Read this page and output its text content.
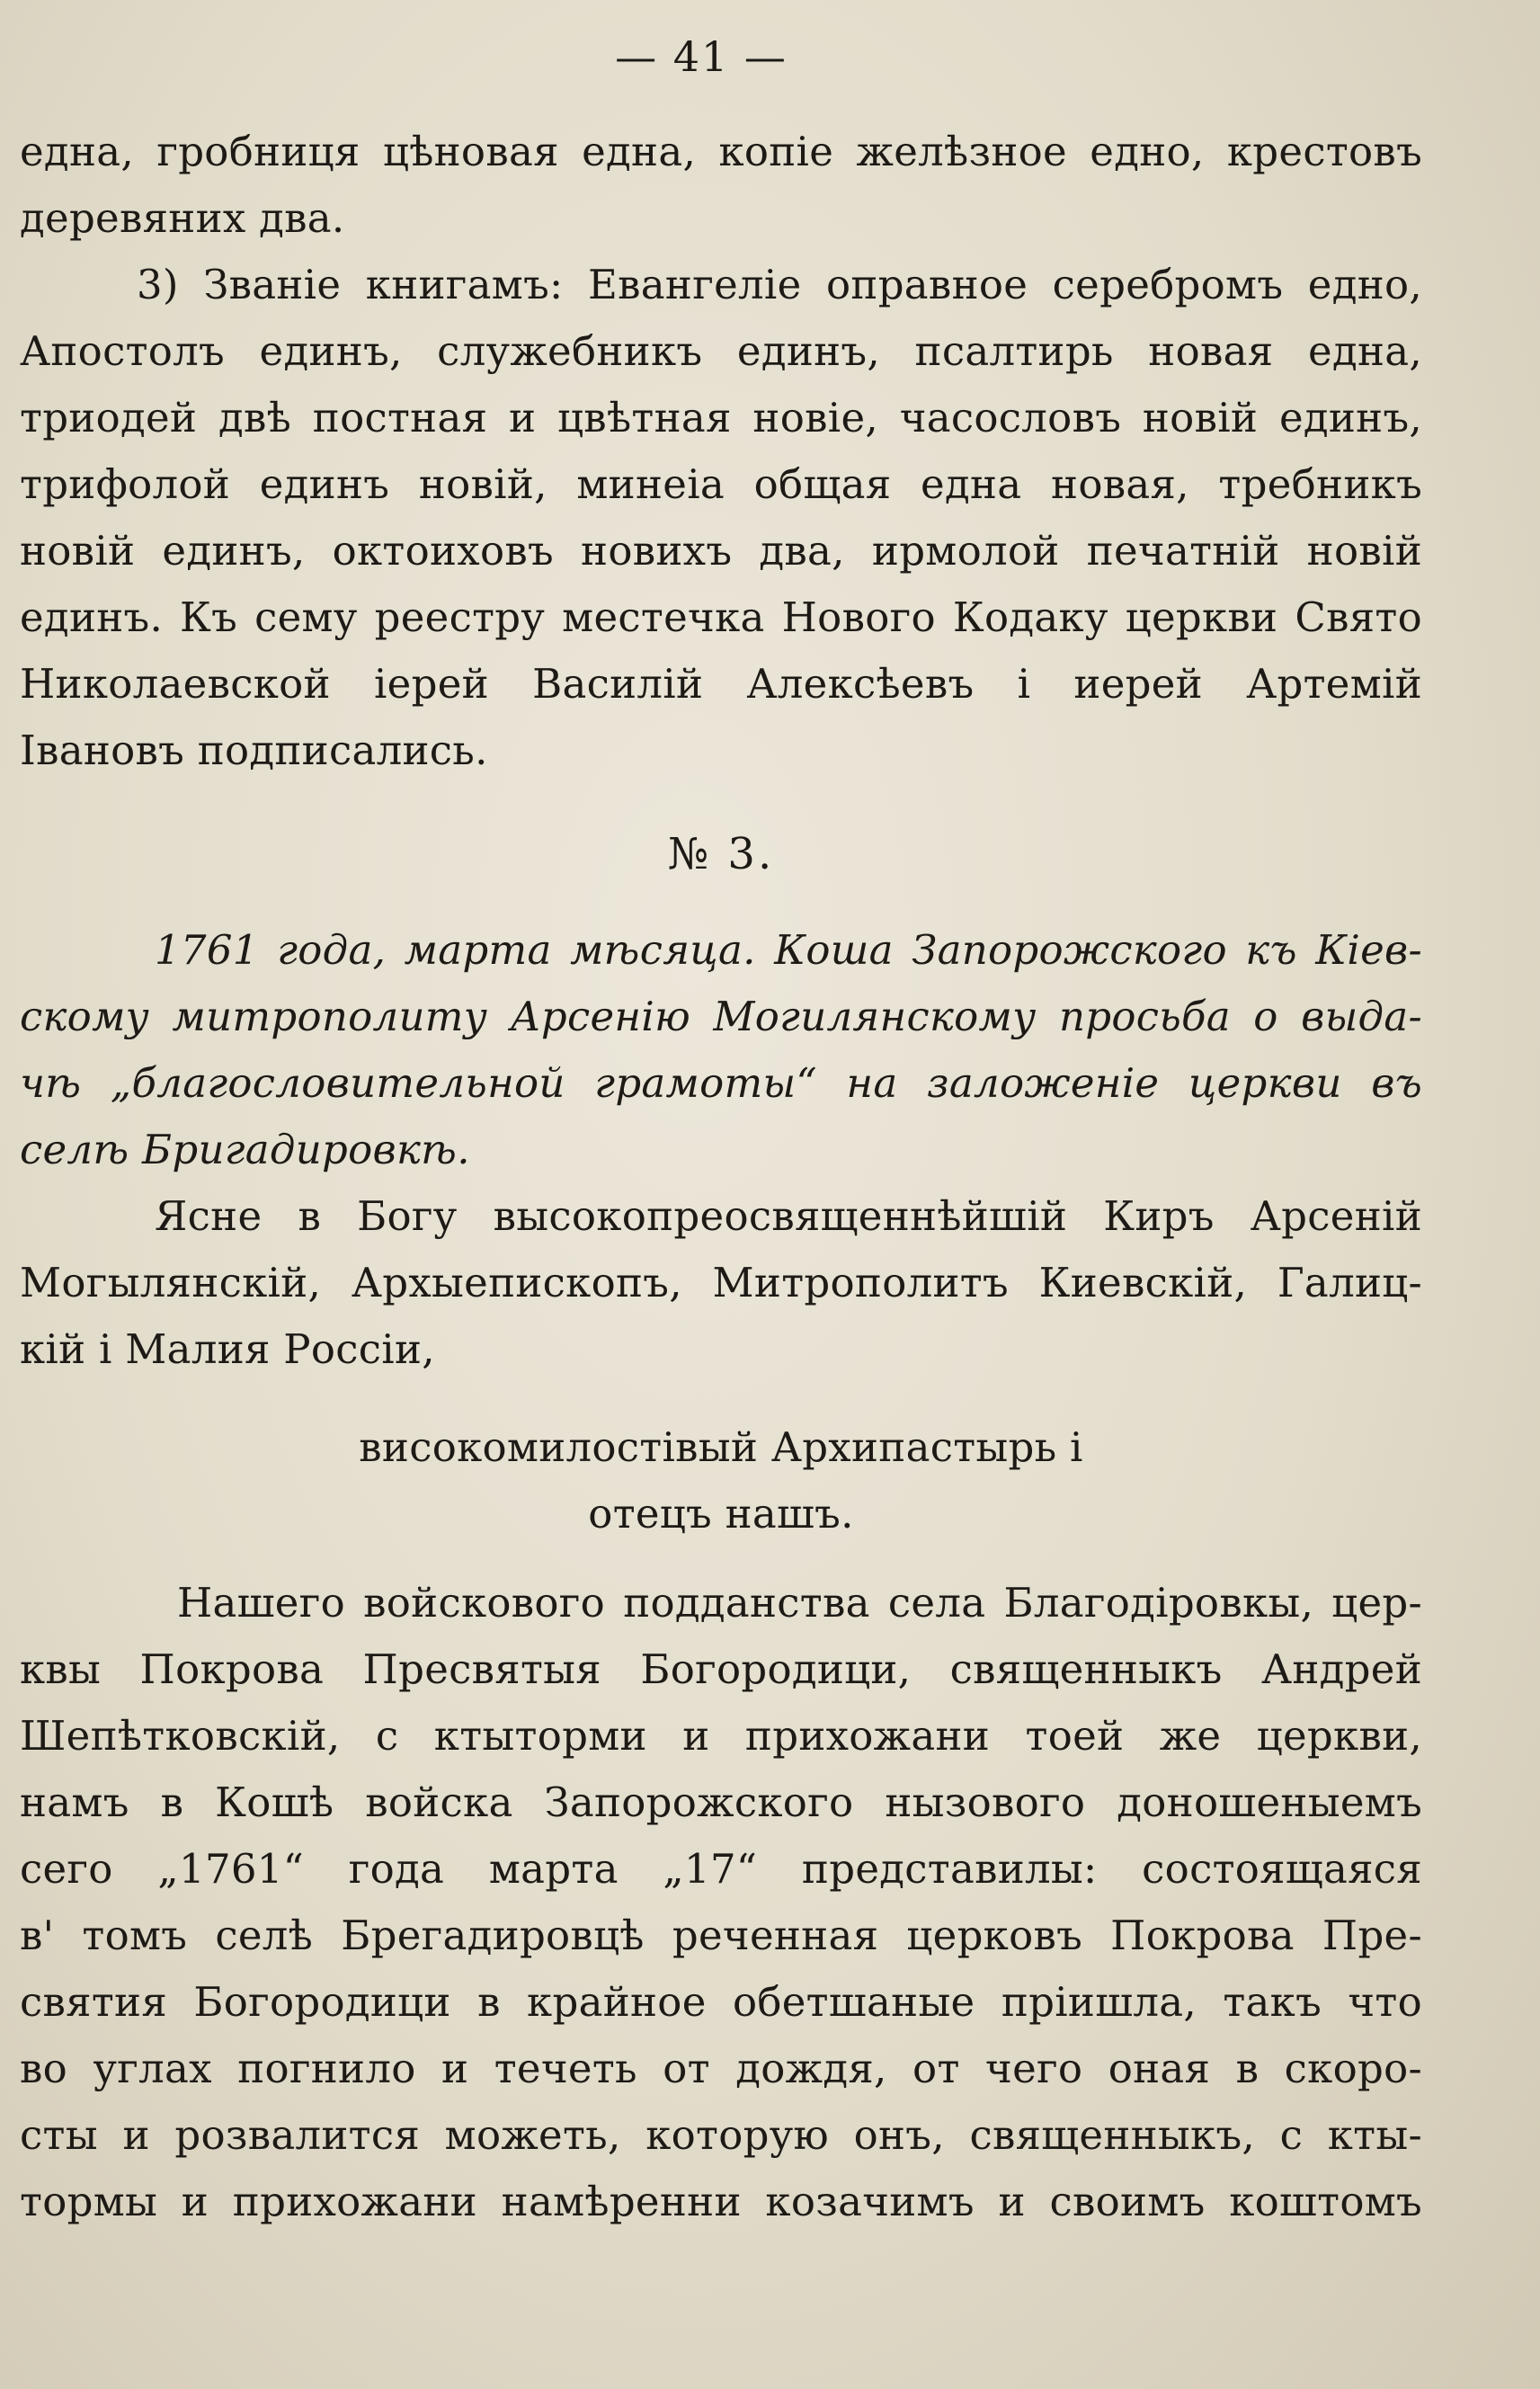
— 41 —
една, гробниця цѣновая една, копіе желѣзное едно, крестовъ
деревяних два.
3) Званіе книгамъ: Евангеліе оправное серебромъ едно,
Апостолъ единъ, служебникъ единъ, псалтирь новая една,
триодей двѣ постная и цвѣтная новіе, часословъ новій единъ,
трифолой единъ новій, минеіа общая една новая, требникъ
новій единъ, октоиховъ новихъ два, ирмолой печатній новій
единъ. Къ сему реестру местечка Нового Кодаку церкви Свято
Николаевской іерей Василій Алексѣевъ і иерей Артемій
Івановъ подписались.
№ 3.
1761 года, марта мѣсяца. Коша Запорожского къ Кіев-
скому митрополиту Арсенію Могилянскому просьба о выда-
чѣ „благословительной грамоты“ на заложеніе церкви въ
селѣ Бригадировкѣ.
Ясне в Богу высокопреосвященнѣйшій Киръ Арсеній
Могылянскій, Архыепископъ, Митрополитъ Киевскій, Галиц-
кій і Малия Россіи,
високомилостівый Архипастырь і
отецъ нашъ.
Нашего войскового подданства села Благодіровкы, цер-
квы Покрова Пресвятыя Богородици, священныкъ Андрей
Шепѣтковскій, с ктыторми и прихожани тоей же церкви,
намъ в Кошѣ войска Запорожского нызового доношеныемъ
сего „1761“ года марта „17“ представилы: состоящаяся
в' томъ селѣ Брегадировцѣ реченная церковъ Покрова Пре-
святия Богородици в крайное обетшаные пріишла, такъ что
во углах погнило и течеть от дождя, от чего оная в скоро-
сты и розвалится можеть, которую онъ, священныкъ, с кты-
тормы и прихожани намѣренни козачимъ и своимъ коштомъ
